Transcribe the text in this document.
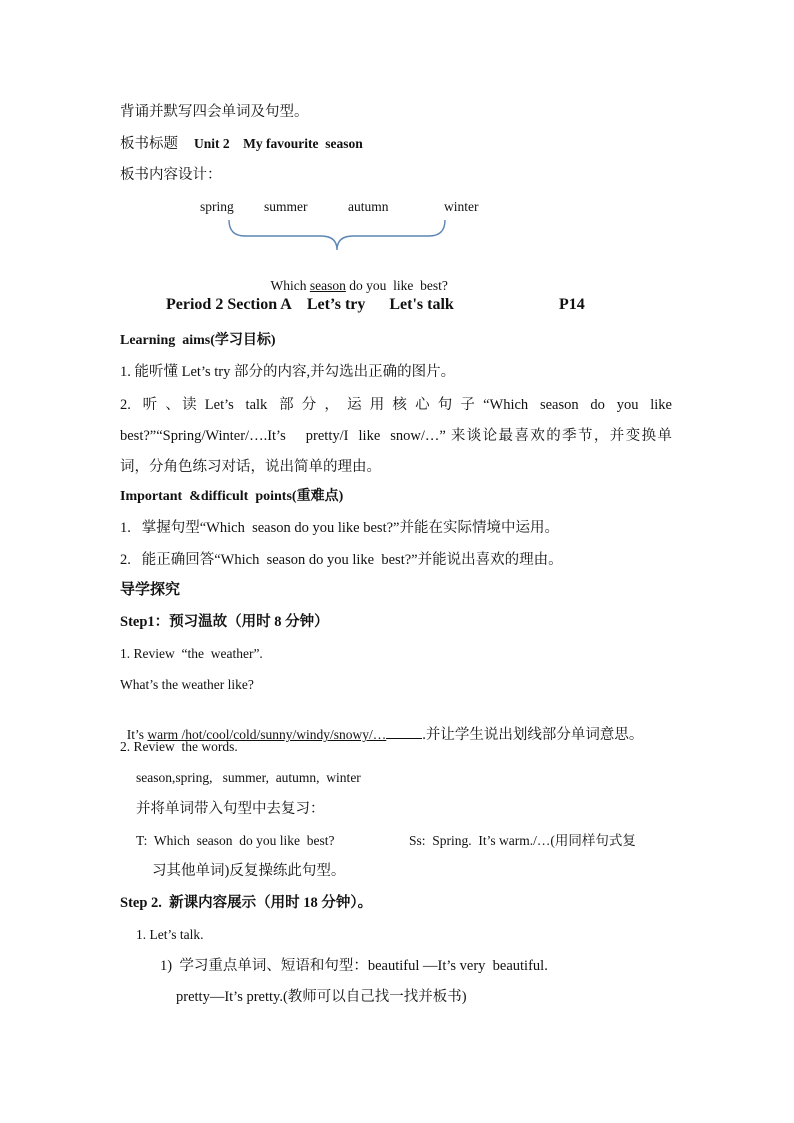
背诵并默写四会单词及句型。
板书标题 Unit 2    My favourite  season
板书内容设计：
spring summer	autumn	winter

Which season do you  like  best?

Period 2 Section A    Let’s try      Let's talk	P14
Learning  aims(学习目标)
1. 能听懂 Let’s try 部分的内容,并勾选出正确的图片。
2.  听 、读 Let’s  talk  部 分 ， 运 用 核 心 句 子 “Which  season  do  you  like
best?”“Spring/Winter/….It’s    pretty/I  like  snow/…” 来谈论最喜欢的季节，并变换单
词，分角色练习对话，说出简单的理由。
Important  &difficult  points(重难点)
1.   掌握句型“Which  season do you like best?”并能在实际情境中运用。
2.   能正确回答“Which  season do you like  best?”并能说出喜欢的理由。
导学探究
Step1：预习温故（用时 8 分钟）
1. Review  “the  weather”.
What’s the weather like?

It’s warm /hot/cool/cold/sunny/windy/snowy/… .并让学生说出划线部分单词意思。

2. Review  the words.
season,spring,   summer,  autumn,  winter
并将单词带入句型中去复习：
T:  Which  season  do you like  best?	Ss:  Spring.  It’s warm./…(用同样句式复
习其他单词)反复操练此句型。
Step 2.  新课内容展示（用时 18 分钟）。
1. Let’s talk.
1)  学习重点单词、短语和句型：beautiful —It’s very  beautiful.
pretty—It’s pretty.(教师可以自己找一找并板书)
